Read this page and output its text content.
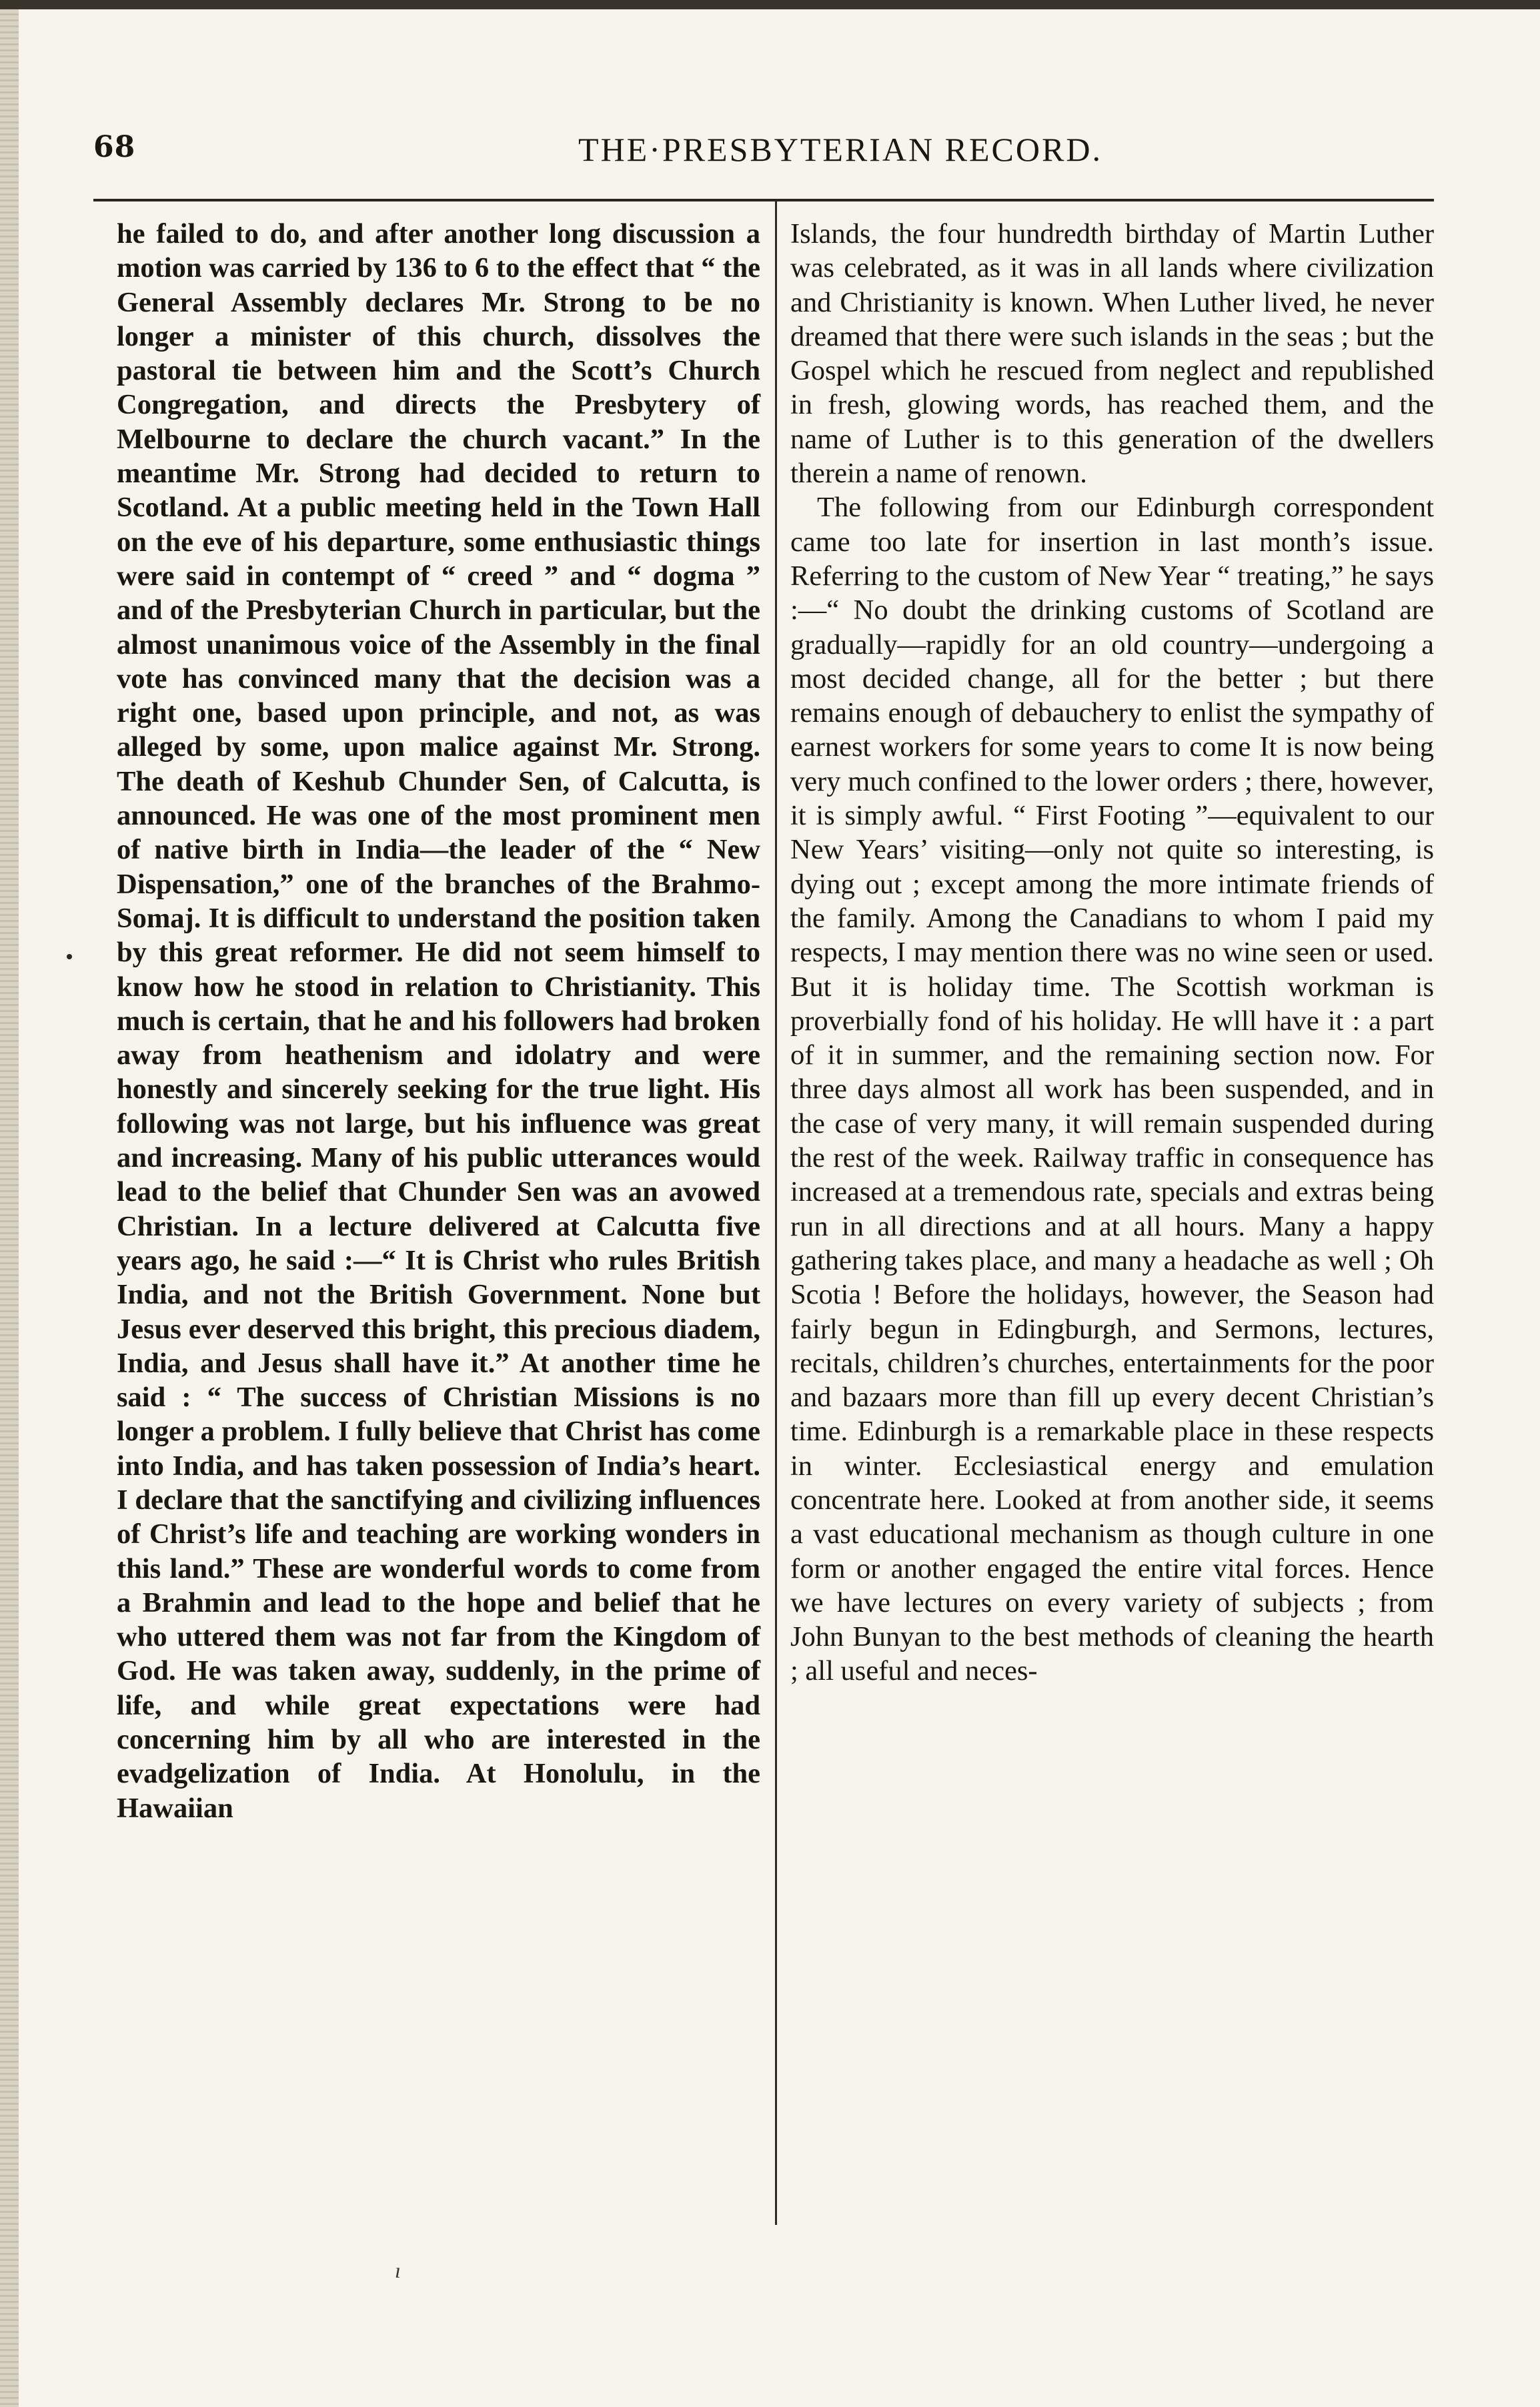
68	THE·PRESBYTERIAN RECORD.

he failed to do, and after another long discussion a motion was carried by 136 to 6 to the effect that “ the General Assembly declares Mr. Strong to be no longer a minister of this church, dissolves the pastoral tie between him and the Scott’s Church Congregation, and directs the Presbytery of Melbourne to declare the church vacant.” In the meantime Mr. Strong had decided to return to Scotland. At a public meeting held in the Town Hall on the eve of his departure, some enthusiastic things were said in contempt of “ creed ” and “ dogma ” and of the Presbyterian Church in particular, but the almost unanimous voice of the Assembly in the final vote has convinced many that the decision was a right one, based upon principle, and not, as was alleged by some, upon malice against Mr. Strong. The death of Keshub Chunder Sen, of Calcutta, is announced. He was one of the most prominent men of native birth in India—the leader of the “ New Dispensation,” one of the branches of the Brahmo-Somaj. It is difficult to understand the position taken by this great reformer. He did not seem himself to know how he stood in relation to Christianity. This much is certain, that he and his followers had broken away from heathenism and idolatry and were honestly and sincerely seeking for the true light. His following was not large, but his influence was great and increasing. Many of his public utterances would lead to the belief that Chunder Sen was an avowed Christian. In a lecture delivered at Calcutta five years ago, he said :—“ It is Christ who rules British India, and not the British Government. None but Jesus ever deserved this bright, this precious diadem, India, and Jesus shall have it.” At another time he said : “ The success of Christian Missions is no longer a problem. I fully believe that Christ has come into India, and has taken possession of India’s heart. I declare that the sanctifying and civilizing influences of Christ’s life and teaching are working wonders in this land.” These are wonderful words to come from a Brahmin and lead to the hope and belief that he who uttered them was not far from the Kingdom of God. He was taken away, suddenly, in the prime of life, and while great expectations were had concerning him by all who are interested in the evadgelization of India. At Honolulu, in the Hawaiian

Islands, the four hundredth birthday of Martin Luther was celebrated, as it was in all lands where civilization and Christianity is known. When Luther lived, he never dreamed that there were such islands in the seas ; but the Gospel which he rescued from neglect and republished in fresh, glowing words, has reached them, and the name of Luther is to this generation of the dwellers therein a name of renown.

The following from our Edinburgh correspondent came too late for insertion in last month’s issue. Referring to the custom of New Year “ treating,” he says :—“ No doubt the drinking customs of Scotland are gradually—rapidly for an old country—undergoing a most decided change, all for the better ; but there remains enough of debauchery to enlist the sympathy of earnest workers for some years to come It is now being very much confined to the lower orders ; there, however, it is simply awful. “ First Footing ”—equivalent to our New Years’ visiting—only not quite so interesting, is dying out ; except among the more intimate friends of the family. Among the Canadians to whom I paid my respects, I may mention there was no wine seen or used. But it is holiday time. The Scottish workman is proverbially fond of his holiday. He wlll have it : a part of it in summer, and the remaining section now. For three days almost all work has been suspended, and in the case of very many, it will remain suspended during the rest of the week. Railway traffic in consequence has increased at a tremendous rate, specials and extras being run in all directions and at all hours. Many a happy gathering takes place, and many a headache as well ; Oh Scotia ! Before the holidays, however, the Season had fairly begun in Edingburgh, and Sermons, lectures, recitals, children’s churches, entertainments for the poor and bazaars more than fill up every decent Christian’s time. Edinburgh is a remarkable place in these respects in winter. Ecclesiastical energy and emulation concentrate here. Looked at from another side, it seems a vast educational mechanism as though culture in one form or another engaged the entire vital forces. Hence we have lectures on every variety of subjects ; from John Bunyan to the best methods of cleaning the hearth ; all useful and neces-

ı
